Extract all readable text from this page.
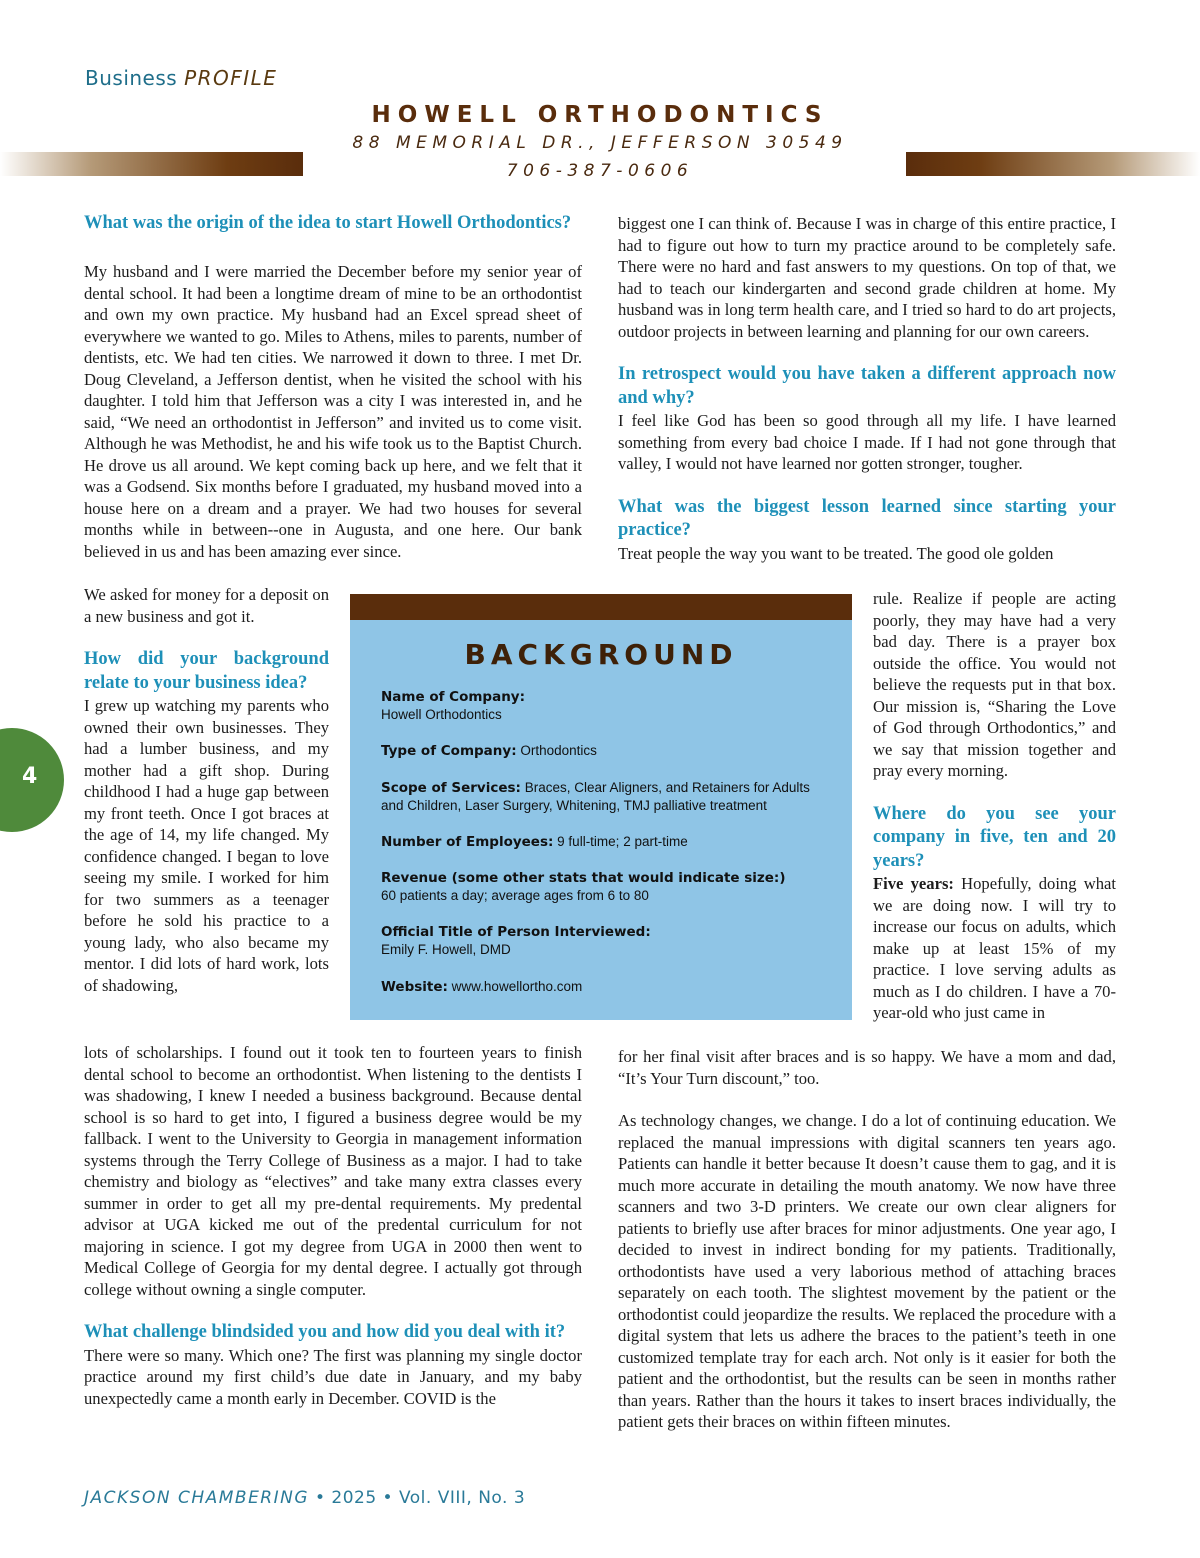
Business PROFILE
HOWELL ORTHODONTICS
88 MEMORIAL DR., JEFFERSON 30549
706-387-0606

What was the origin of the idea to start Howell Orthodontics?

My husband and I were married the December before my senior year of dental school. It had been a longtime dream of mine to be an orthodontist and own my own practice. My husband had an Excel spread sheet of everywhere we wanted to go. Miles to Athens, miles to parents, number of dentists, etc. We had ten cities. We narrowed it down to three. I met Dr. Doug Cleveland, a Jefferson dentist, when he visited the school with his daughter. I told him that Jefferson was a city I was interested in, and he said, “We need an orthodontist in Jefferson” and invited us to come visit. Although he was Methodist, he and his wife took us to the Baptist Church. He drove us all around. We kept coming back up here, and we felt that it was a Godsend. Six months before I graduated, my husband moved into a house here on a dream and a prayer. We had two houses for several months while in between--one in Augusta, and one here. Our bank believed in us and has been amazing ever since.

We asked for money for a deposit on a new business and got it.

How did your background relate to your business idea?

I grew up watching my parents who owned their own businesses. They had a lumber business, and my mother had a gift shop. During childhood I had a huge gap between my front teeth. Once I got braces at the age of 14, my life changed. My confidence changed. I began to love seeing my smile. I worked for him for two summers as a teenager before he sold his practice to a young lady, who also became my mentor. I did lots of hard work, lots of shadowing,

lots of scholarships. I found out it took ten to fourteen years to finish dental school to become an orthodontist. When listening to the dentists I was shadowing, I knew I needed a business background. Because dental school is so hard to get into, I figured a business degree would be my fallback. I went to the University to Georgia in management information systems through the Terry College of Business as a major. I had to take chemistry and biology as “electives” and take many extra classes every summer in order to get all my pre-dental requirements. My predental advisor at UGA kicked me out of the predental curriculum for not majoring in science. I got my degree from UGA in 2000 then went to Medical College of Georgia for my dental degree. I actually got through college without owning a single computer.

What challenge blindsided you and how did you deal with it?

There were so many. Which one? The first was planning my single doctor practice around my first child’s due date in January, and my baby unexpectedly came a month early in December. COVID is the

biggest one I can think of. Because I was in charge of this entire practice, I had to figure out how to turn my practice around to be completely safe. There were no hard and fast answers to my questions. On top of that, we had to teach our kindergarten and second grade children at home. My husband was in long term health care, and I tried so hard to do art projects, outdoor projects in between learning and planning for our own careers.

In retrospect would you have taken a different approach now and why?

I feel like God has been so good through all my life. I have learned something from every bad choice I made. If I had not gone through that valley, I would not have learned nor gotten stronger, tougher.

What was the biggest lesson learned since starting your practice?

Treat people the way you want to be treated. The good ole golden

rule. Realize if people are acting poorly, they may have had a very bad day. There is a prayer box outside the office. You would not believe the requests put in that box. Our mission is, “Sharing the Love of God through Orthodontics,” and we say that mission together and pray every morning.

Where do you see your company in five, ten and 20 years?

Five years: Hopefully, doing what we are doing now. I will try to increase our focus on adults, which make up at least 15% of my practice. I love serving adults as much as I do children. I have a 70-year-old who just came in

for her final visit after braces and is so happy. We have a mom and dad, “It’s Your Turn discount,” too.

As technology changes, we change. I do a lot of continuing education. We replaced the manual impressions with digital scanners ten years ago. Patients can handle it better because It doesn’t cause them to gag, and it is much more accurate in detailing the mouth anatomy. We now have three scanners and two 3-D printers. We create our own clear aligners for patients to briefly use after braces for minor adjustments. One year ago, I decided to invest in indirect bonding for my patients. Traditionally, orthodontists have used a very laborious method of attaching braces separately on each tooth. The slightest movement by the patient or the orthodontist could jeopardize the results. We replaced the procedure with a digital system that lets us adhere the braces to the patient’s teeth in one customized template tray for each arch. Not only is it easier for both the patient and the orthodontist, but the results can be seen in months rather than years. Rather than the hours it takes to insert braces individually, the patient gets their braces on within fifteen minutes.

BACKGROUND
Name of Company:
Howell Orthodontics
Type of Company: Orthodontics
Scope of Services: Braces, Clear Aligners, and Retainers for Adults and Children, Laser Surgery, Whitening, TMJ palliative treatment
Number of Employees: 9 full-time; 2 part-time
Revenue (some other stats that would indicate size:)
60 patients a day; average ages from 6 to 80
Official Title of Person Interviewed:
Emily F. Howell, DMD
Website: www.howellortho.com
4
JACKSON CHAMBERING • 2025 • Vol. VIII, No. 3
